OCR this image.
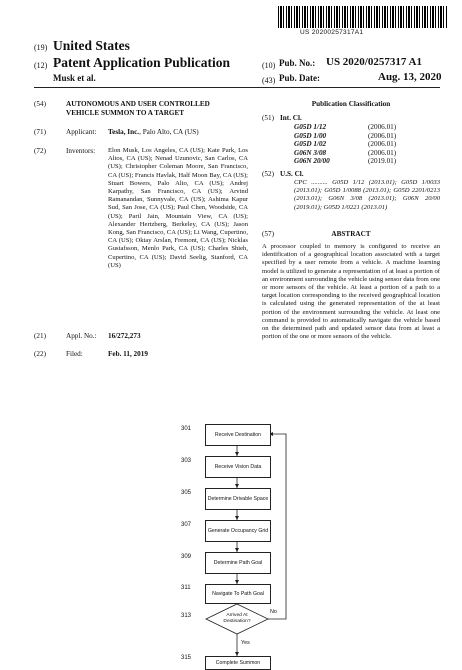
US 20200257317A1
(19) United States
(12) Patent Application Publication
Musk et al.
(10) Pub. No.: US 2020/0257317 A1
(43) Pub. Date:	Aug. 13, 2020
(54)	AUTONOMOUS AND USER CONTROLLED VEHICLE SUMMON TO A TARGET
(71)	Applicant: Tesla, Inc., Palo Alto, CA (US)
(72)	Inventors: Elon Musk, Los Angeles, CA (US); Kate Park, Los Altos, CA (US); Nenad Uzunovic, San Carlos, CA (US); Christopher Coleman Moore, San Francisco, CA (US); Francis Havlak, Half Moon Bay, CA (US); Stuart Bowers, Palo Alto, CA (US); Andrej Karpathy, San Francisco, CA (US); Arvind Ramanandan, Sunnyvale, CA (US); Ashima Kapur Sud, San Jose, CA (US); Paul Chen, Woodside, CA (US); Paril Jain, Mountain View, CA (US); Alexander Hertzberg, Berkeley, CA (US); Jason Kong, San Francisco, CA (US); Li Wang, Cupertino, CA (US); Oktay Arslan, Fremont, CA (US); Nicklas Gustafsson, Menlo Park, CA (US); Charles Shieh, Cupertino, CA (US); David Seelig, Stanford, CA (US)
(21)	Appl. No.: 16/272,273
(22)	Filed:	Feb. 11, 2019
Publication Classification
(51) Int. Cl.
G05D 1/12	(2006.01)
G05D 1/00	(2006.01)
G05D 1/02	(2006.01)
G06N 3/08	(2006.01)
G06N 20/00	(2019.01)
(52) U.S. Cl.
CPC .......... G05D 1/12 (2013.01); G05D 1/0033 (2013.01); G05D 1/0088 (2013.01); G05D 2201/0213 (2013.01); G06N 3/08 (2013.01); G06N 20/00 (2019.01); G05D 1/0221 (2013.01)
(57)	ABSTRACT
A processor coupled to memory is configured to receive an identification of a geographical location associated with a target specified by a user remote from a vehicle. A machine learning model is utilized to generate a representation of at least a portion of an environment surrounding the vehicle using sensor data from one or more sensors of the vehicle. At least a portion of a path to a target location corresponding to the received geographical location is calculated using the generated representation of the at least portion of the environment surrounding the vehicle. At least one command is provided to automatically navigate the vehicle based on the determined path and updated sensor data from at least a portion of the one or more sensors of the vehicle.
301
Receive Destination
303
Receive Vision Data
305
Determine Drivable Space
307
Generate Occupancy Grid
309
Determine Path Goal
311
Arrived At Destination?
No
Yes
315
Complete Summon
Navigate To Path Goal
313
